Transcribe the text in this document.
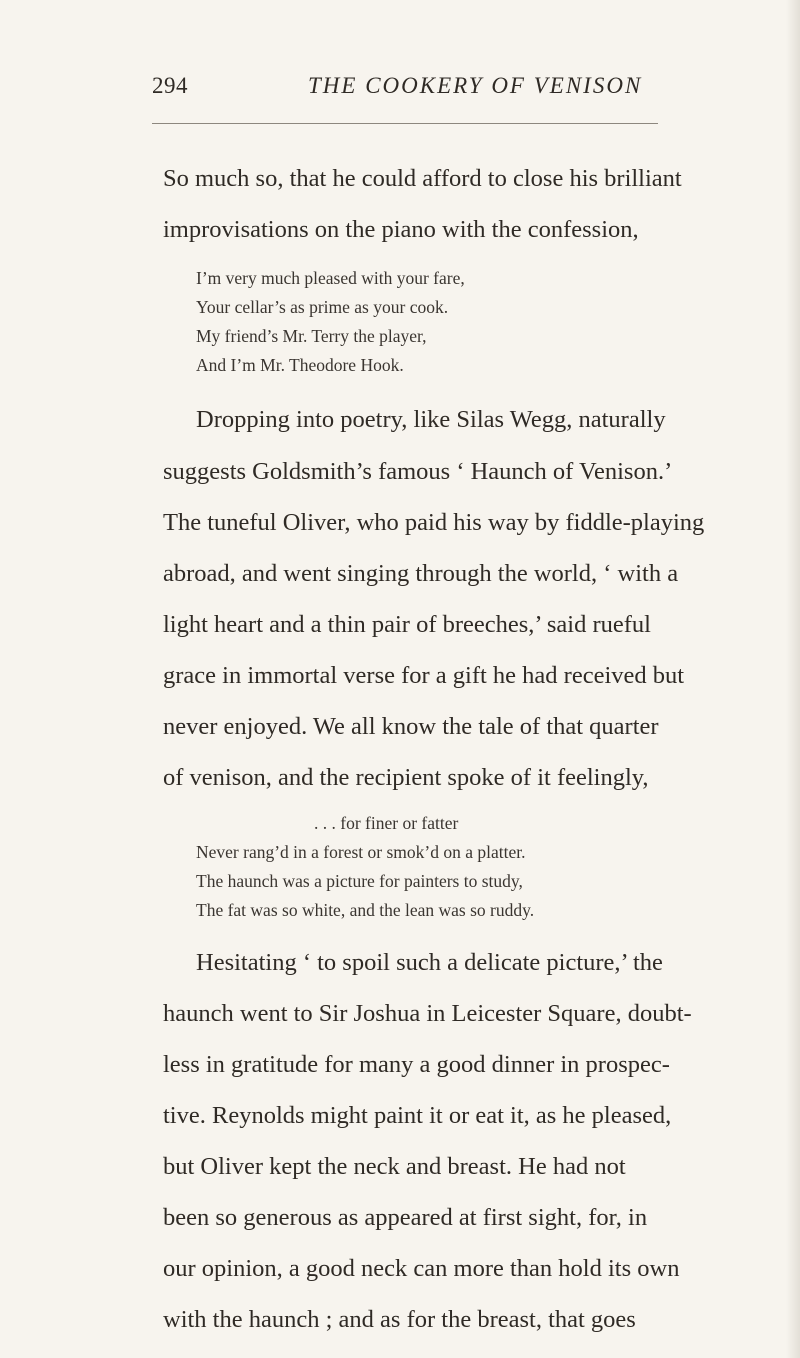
294	THE COOKERY OF VENISON
So much so, that he could afford to close his brilliant
improvisations on the piano with the confession,
I’m very much pleased with your fare,
Your cellar’s as prime as your cook.
My friend’s Mr. Terry the player,
And I’m Mr. Theodore Hook.
Dropping into poetry, like Silas Wegg, naturally
suggests Goldsmith’s famous ‘ Haunch of Venison.’
The tuneful Oliver, who paid his way by fiddle-playing
abroad, and went singing through the world, ‘ with a
light heart and a thin pair of breeches,’ said rueful
grace in immortal verse for a gift he had received but
never enjoyed. We all know the tale of that quarter
of venison, and the recipient spoke of it feelingly,
. . . for finer or fatter
Never rang’d in a forest or smok’d on a platter.
The haunch was a picture for painters to study,
The fat was so white, and the lean was so ruddy.
Hesitating ‘ to spoil such a delicate picture,’ the
haunch went to Sir Joshua in Leicester Square, doubt-
less in gratitude for many a good dinner in prospec-
tive. Reynolds might paint it or eat it, as he pleased,
but Oliver kept the neck and breast. He had not
been so generous as appeared at first sight, for, in
our opinion, a good neck can more than hold its own
with the haunch ; and as for the breast, that goes
